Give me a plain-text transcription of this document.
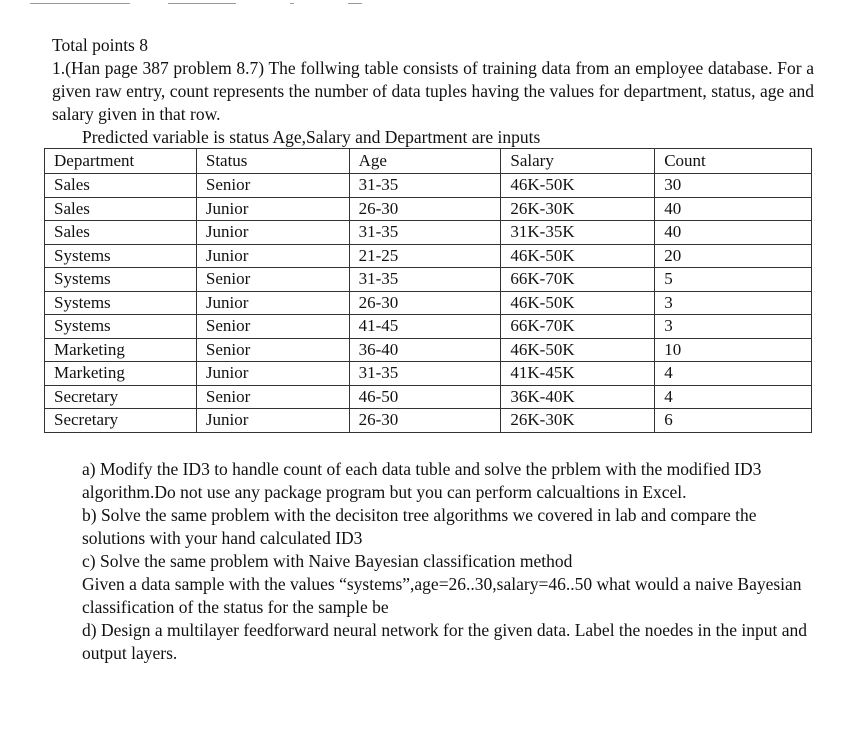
Total points 8

1.(Han page 387 problem 8.7) The follwing table consists of training data from an employee database. For a given raw entry, count represents the number of data tuples having the values for department, status, age and salary given in that row.

Predicted variable is status Age,Salary and Department are inputs

Department	Status	Age	Salary	Count
Sales	Senior	31-35	46K-50K	30
Sales	Junior	26-30	26K-30K	40
Sales	Junior	31-35	31K-35K	40
Systems	Junior	21-25	46K-50K	20
Systems	Senior	31-35	66K-70K	5
Systems	Junior	26-30	46K-50K	3
Systems	Senior	41-45	66K-70K	3
Marketing	Senior	36-40	46K-50K	10
Marketing	Junior	31-35	41K-45K	4
Secretary	Senior	46-50	36K-40K	4
Secretary	Junior	26-30	26K-30K	6

a) Modify the ID3 to handle count of each data tuble and solve the prblem with the modified ID3 algorithm.Do not use any package program but you can perform calcualtions in Excel.

b) Solve the same problem with the decisiton tree algorithms we covered in lab and compare the solutions with your hand calculated ID3

c) Solve the same problem with Naive Bayesian classification method

Given a data sample with the values “systems”,age=26..30,salary=46..50 what would a naive Bayesian classification of the status for the sample be

d) Design a multilayer feedforward neural network for the given data. Label the noedes in the input and output layers.
